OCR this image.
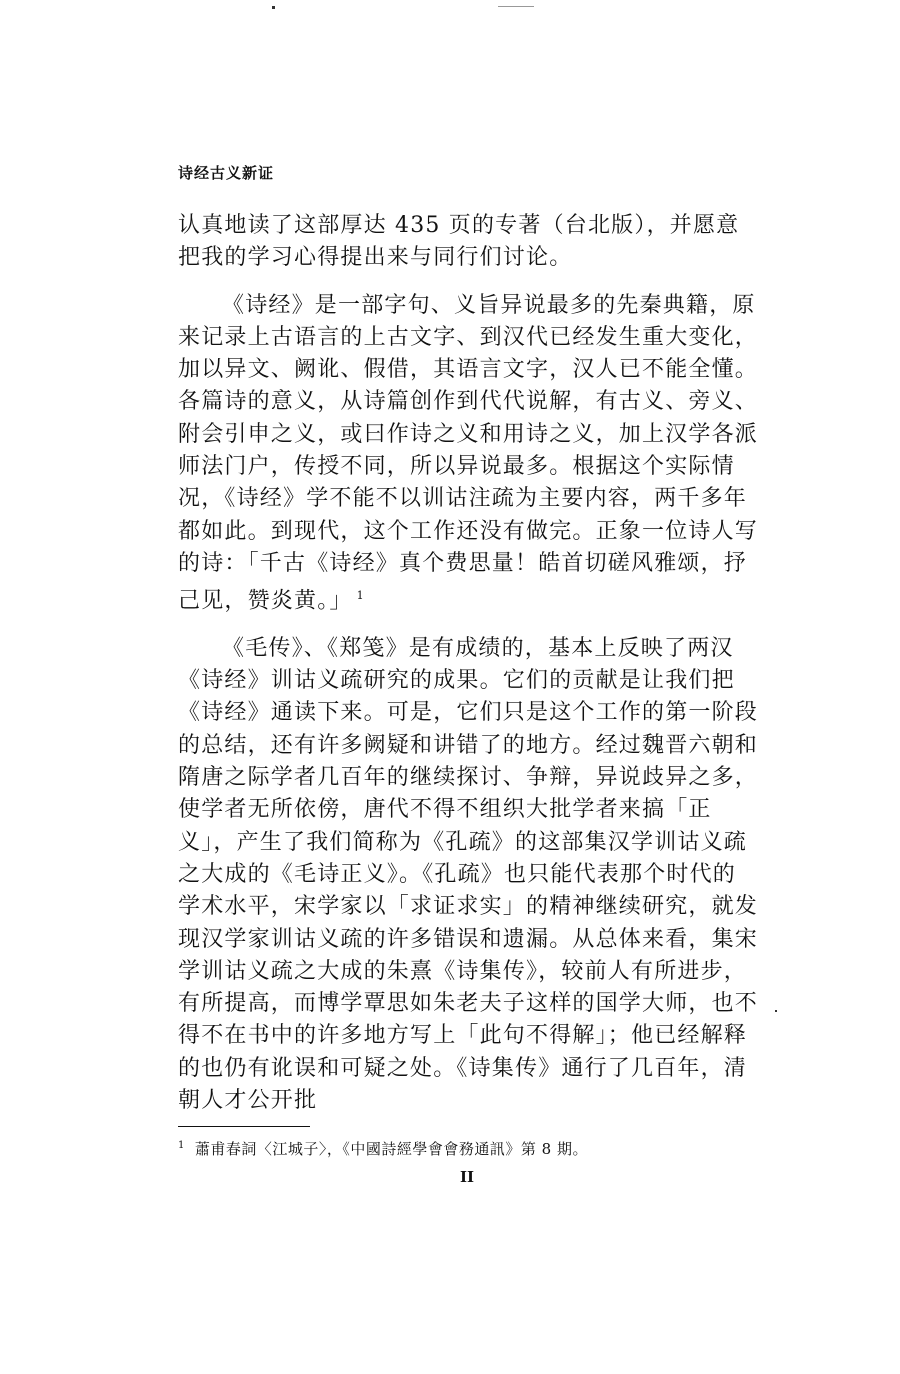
诗经古义新证

认真地读了这部厚达 435 页的专著（台北版），并愿意把我的学习心得提出来与同行们讨论。

《诗经》是一部字句、义旨异说最多的先秦典籍，原来记录上古语言的上古文字、到汉代已经发生重大变化，加以异文、阙讹、假借，其语言文字，汉人已不能全懂。各篇诗的意义，从诗篇创作到代代说解，有古义、旁义、附会引申之义，或曰作诗之义和用诗之义，加上汉学各派师法门户，传授不同，所以异说最多。根据这个实际情况，《诗经》学不能不以训诂注疏为主要内容，两千多年都如此。到现代，这个工作还没有做完。正象一位诗人写的诗：「千古《诗经》真个费思量！皓首切磋风雅颂，抒己见，赞炎黄。」 $^1$

《毛传》、《郑笺》是有成绩的，基本上反映了两汉《诗经》训诂义疏研究的成果。它们的贡献是让我们把《诗经》通读下来。可是，它们只是这个工作的第一阶段的总结，还有许多阙疑和讲错了的地方。经过魏晋六朝和隋唐之际学者几百年的继续探讨、争辩，异说歧异之多，使学者无所依傍，唐代不得不组织大批学者来搞「正义」，产生了我们简称为《孔疏》的这部集汉学训诂义疏之大成的《毛诗正义》。《孔疏》也只能代表那个时代的学术水平，宋学家以「求证求实」的精神继续研究，就发现汉学家训诂义疏的许多错误和遗漏。从总体来看，集宋学训诂义疏之大成的朱熹《诗集传》，较前人有所进步，有所提高，而博学覃思如朱老夫子这样的国学大师，也不得不在书中的许多地方写上「此句不得解」；他已经解释的也仍有讹误和可疑之处。《诗集传》通行了几百年，清朝人才公开批

$^1$ 蕭甫春詞〈江城子〉，《中國詩經學會會務通訊》第 8 期。
II
